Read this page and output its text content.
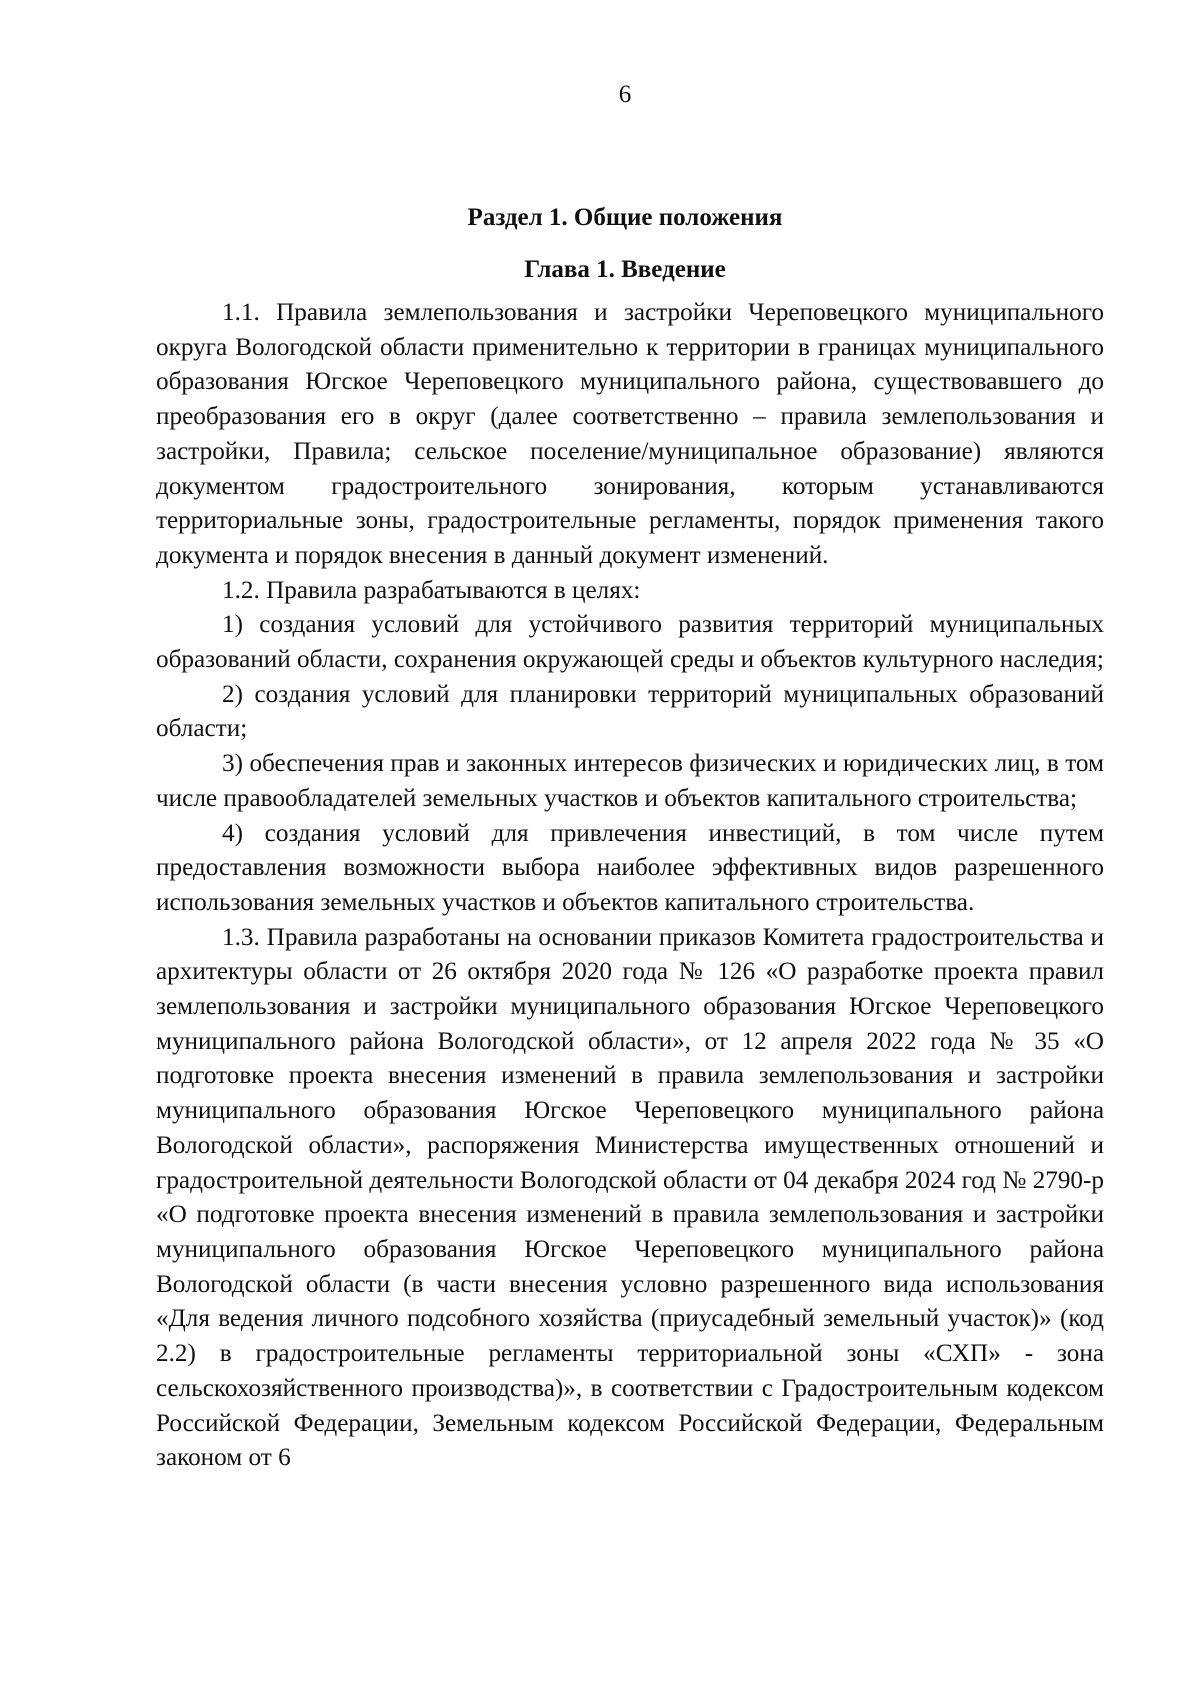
6
Раздел 1. Общие положения
Глава 1. Введение

1.1. Правила землепользования и застройки Череповецкого муниципального округа Вологодской области применительно к территории в границах муниципального образования Югское Череповецкого муниципального района, существовавшего до преобразования его в округ (далее соответственно – правила землепользования и застройки, Правила; сельское поселение/муниципальное образование) являются документом градостроительного зонирования, которым устанавливаются территориальные зоны, градостроительные регламенты, порядок применения такого документа и порядок внесения в данный документ изменений.

1.2. Правила разрабатываются в целях:

1) создания условий для устойчивого развития территорий муниципальных образований области, сохранения окружающей среды и объектов культурного наследия;

2) создания условий для планировки территорий муниципальных образований области;

3) обеспечения прав и законных интересов физических и юридических лиц, в том числе правообладателей земельных участков и объектов капитального строительства;

4) создания условий для привлечения инвестиций, в том числе путем предоставления возможности выбора наиболее эффективных видов разрешенного использования земельных участков и объектов капитального строительства.

1.3. Правила разработаны на основании приказов Комитета градостроительства и архитектуры области от 26 октября 2020 года № 126 «О разработке проекта правил землепользования и застройки муниципального образования Югское Череповецкого муниципального района Вологодской области», от 12 апреля 2022 года № 35 «О подготовке проекта внесения изменений в правила землепользования и застройки муниципального образования Югское Череповецкого муниципального района Вологодской области», распоряжения Министерства имущественных отношений и градостроительной деятельности Вологодской области от 04 декабря 2024 год № 2790-р «О подготовке проекта внесения изменений в правила землепользования и застройки муниципального образования Югское Череповецкого муниципального района Вологодской области (в части внесения условно разрешенного вида использования «Для ведения личного подсобного хозяйства (приусадебный земельный участок)» (код 2.2) в градостроительные регламенты территориальной зоны «СХП» - зона сельскохозяйственного производства)», в соответствии с Градостроительным кодексом Российской Федерации, Земельным кодексом Российской Федерации, Федеральным законом от 6
